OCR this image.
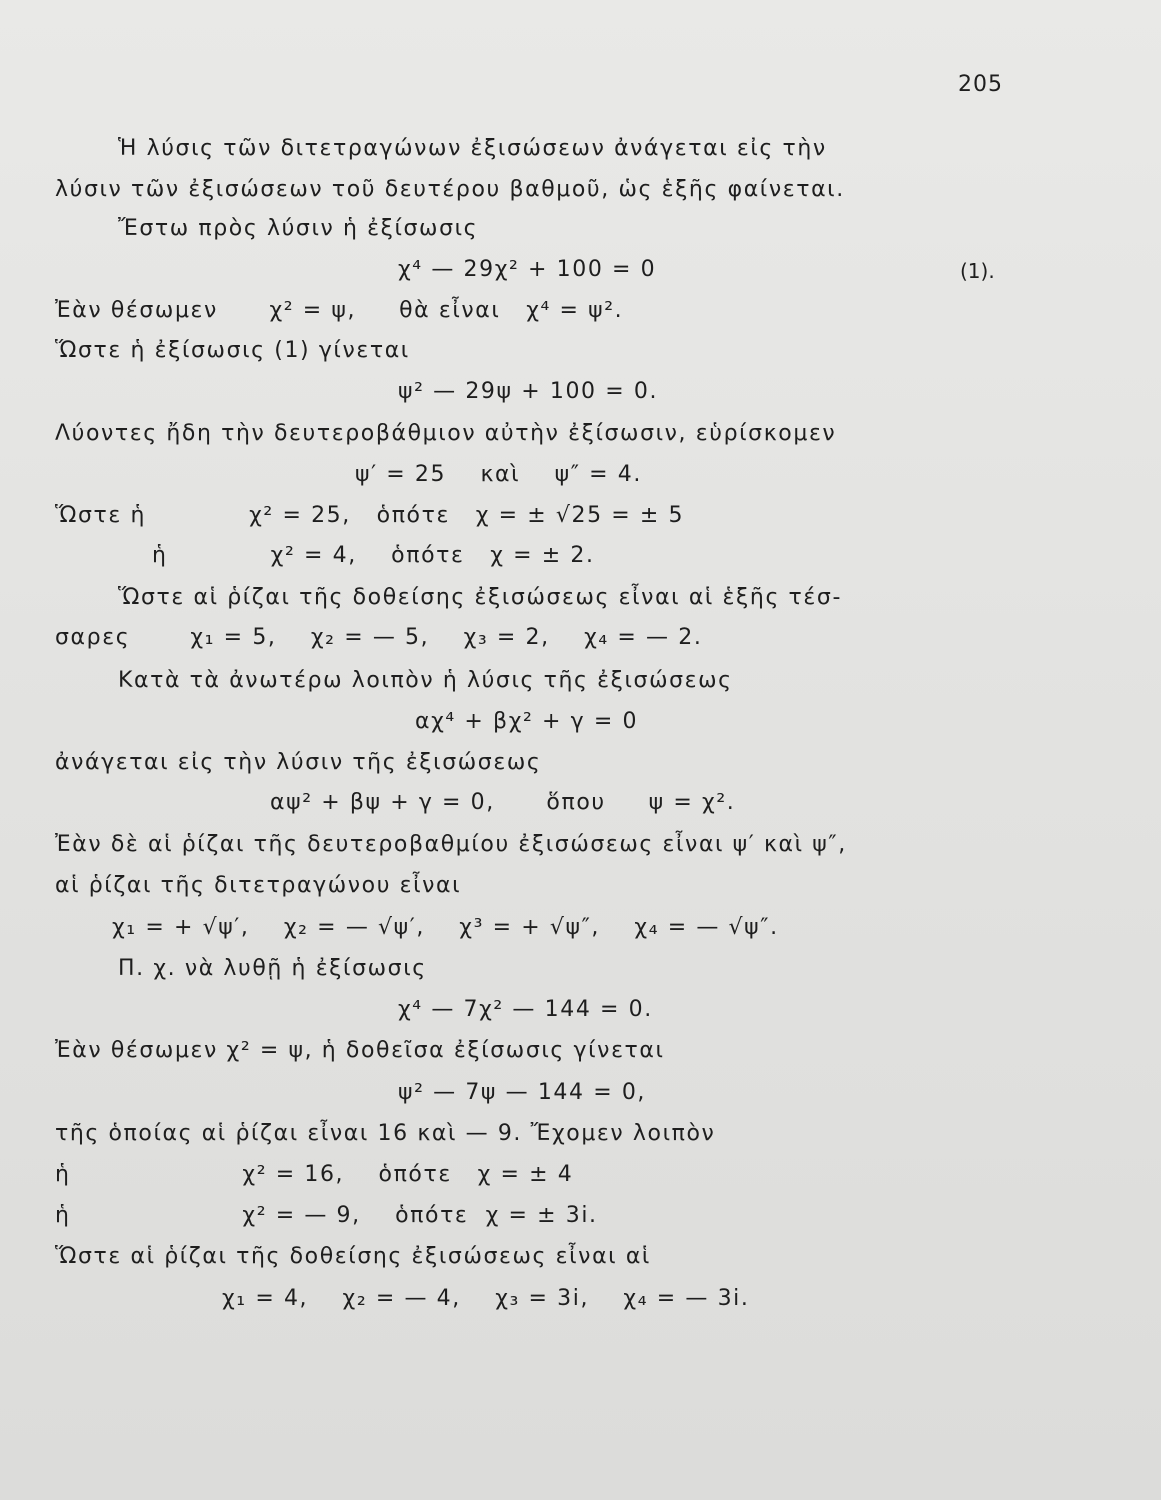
205
Ἡ λύσις τῶν διτετραγώνων ἐξισώσεων ἀνάγεται εἰς τὴν
λύσιν τῶν ἐξισώσεων τοῦ δευτέρου βαθμοῦ, ὡς ἑξῆς φαίνεται.
Ἔστω πρὸς λύσιν ἡ ἐξίσωσις
χ⁴ — 29χ² + 100 = 0	(1).
Ἐὰν θέσωμεν      χ² = ψ,     θὰ εἶναι   χ⁴ = ψ².
Ὥστε ἡ ἐξίσωσις (1) γίνεται
ψ² — 29ψ + 100 = 0.
Λύοντες ἤδη τὴν δευτεροβάθμιον αὐτὴν ἐξίσωσιν, εὑρίσκομεν
ψ′ = 25    καὶ    ψ″ = 4.
Ὥστε ἡ            χ² = 25,   ὁπότε   χ = ± √25 = ± 5
ἡ            χ² = 4,    ὁπότε   χ = ± 2.
Ὥστε αἱ ῥίζαι τῆς δοθείσης ἐξισώσεως εἶναι αἱ ἑξῆς τέσ-
σαρες       χ₁ = 5,    χ₂ = — 5,    χ₃ = 2,    χ₄ = — 2.
Κατὰ τὰ ἀνωτέρω λοιπὸν ἡ λύσις τῆς ἐξισώσεως
αχ⁴ + βχ² + γ = 0
ἀνάγεται εἰς τὴν λύσιν τῆς ἐξισώσεως
αψ² + βψ + γ = 0,      ὅπου     ψ = χ².
Ἐὰν δὲ αἱ ῥίζαι τῆς δευτεροβαθμίου ἐξισώσεως εἶναι ψ′ καὶ ψ″,
αἱ ῥίζαι τῆς διτετραγώνου εἶναι
χ₁ = + √ψ′,    χ₂ = — √ψ′,    χ³ = + √ψ″,    χ₄ = — √ψ″.
Π. χ. νὰ λυθῇ ἡ ἐξίσωσις
χ⁴ — 7χ² — 144 = 0.
Ἐὰν θέσωμεν χ² = ψ, ἡ δοθεῖσα ἐξίσωσις γίνεται
ψ² — 7ψ — 144 = 0,
τῆς ὁποίας αἱ ῥίζαι εἶναι 16 καὶ — 9. Ἔχομεν λοιπὸν
ἡ                    χ² = 16,    ὁπότε   χ = ± 4
ἡ                    χ² = — 9,    ὁπότε  χ = ± 3i.
Ὥστε αἱ ῥίζαι τῆς δοθείσης ἐξισώσεως εἶναι αἱ
χ₁ = 4,    χ₂ = — 4,    χ₃ = 3i,    χ₄ = — 3i.
